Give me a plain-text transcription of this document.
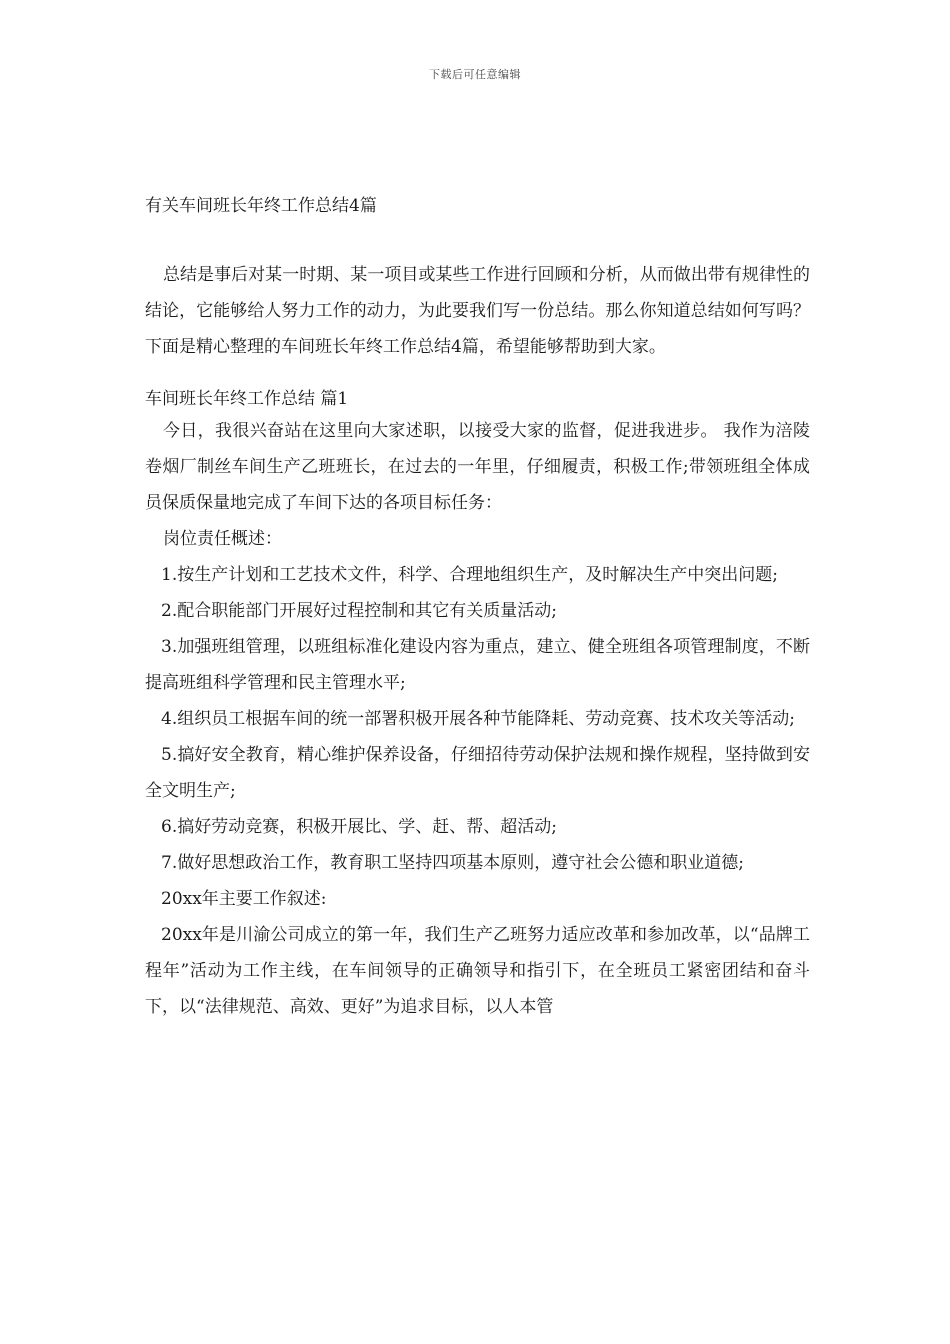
下载后可任意编辑
有关车间班长年终工作总结4篇

总结是事后对某一时期、某一项目或某些工作进行回顾和分析，从而做出带有规律性的结论，它能够给人努力工作的动力，为此要我们写一份总结。那么你知道总结如何写吗？下面是精心整理的车间班长年终工作总结4篇，希望能够帮助到大家。

车间班长年终工作总结 篇1

今日，我很兴奋站在这里向大家述职，以接受大家的监督，促进我进步。 我作为涪陵卷烟厂制丝车间生产乙班班长，在过去的一年里，仔细履责，积极工作;带领班组全体成员保质保量地完成了车间下达的各项目标任务：

岗位责任概述：

1.按生产计划和工艺技术文件，科学、合理地组织生产，及时解决生产中突出问题;

2.配合职能部门开展好过程控制和其它有关质量活动;

3.加强班组管理，以班组标准化建设内容为重点，建立、健全班组各项管理制度，不断提高班组科学管理和民主管理水平;

4.组织员工根据车间的统一部署积极开展各种节能降耗、劳动竞赛、技术攻关等活动;

5.搞好安全教育，精心维护保养设备，仔细招待劳动保护法规和操作规程，坚持做到安全文明生产;

6.搞好劳动竞赛，积极开展比、学、赶、帮、超活动;

7.做好思想政治工作，教育职工坚持四项基本原则，遵守社会公德和职业道德;

20xx年主要工作叙述:

20xx年是川渝公司成立的第一年，我们生产乙班努力适应改革和参加改革，以“品牌工程年”活动为工作主线，在车间领导的正确领导和指引下，在全班员工紧密团结和奋斗下，以“法律规范、高效、更好”为追求目标，以人本管
